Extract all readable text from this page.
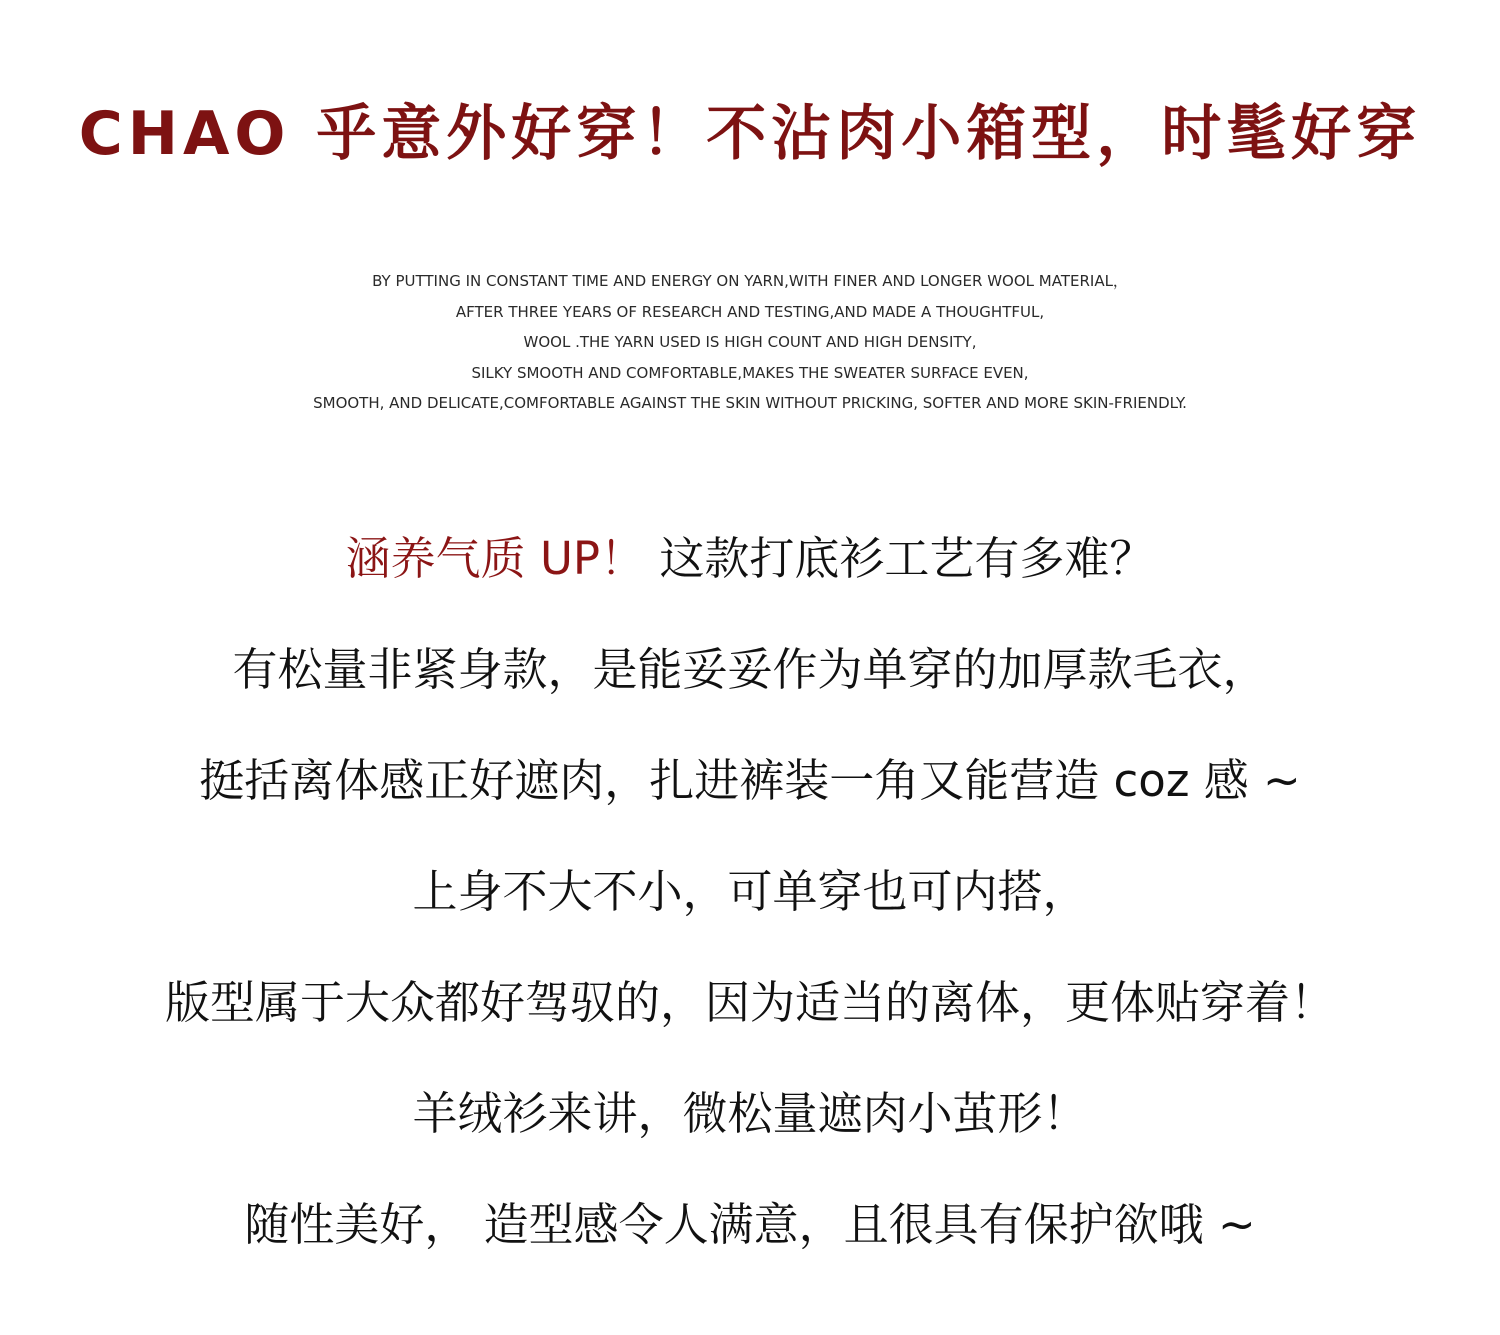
CHAO 乎意外好穿！不沾肉小箱型，时髦好穿
BY PUTTING IN CONSTANT TIME AND ENERGY ON YARN,WITH FINER AND LONGER WOOL MATERIAL，
AFTER THREE YEARS OF RESEARCH AND TESTING,AND MADE A THOUGHTFUL,
WOOL .THE YARN USED IS HIGH COUNT AND HIGH DENSITY,
SILKY SMOOTH AND COMFORTABLE,MAKES THE SWEATER SURFACE EVEN,
SMOOTH, AND DELICATE,COMFORTABLE AGAINST THE SKIN WITHOUT PRICKING, SOFTER AND MORE SKIN-FRIENDLY.
涵养气质 UP！ 这款打底衫工艺有多难？
有松量非紧身款，是能妥妥作为单穿的加厚款毛衣，
挺括离体感正好遮肉，扎进裤装一角又能营造 coz 感 ~
上身不大不小，可单穿也可内搭，
版型属于大众都好驾驭的，因为适当的离体，更体贴穿着！
羊绒衫来讲，微松量遮肉小茧形！
随性美好， 造型感令人满意，且很具有保护欲哦 ~
